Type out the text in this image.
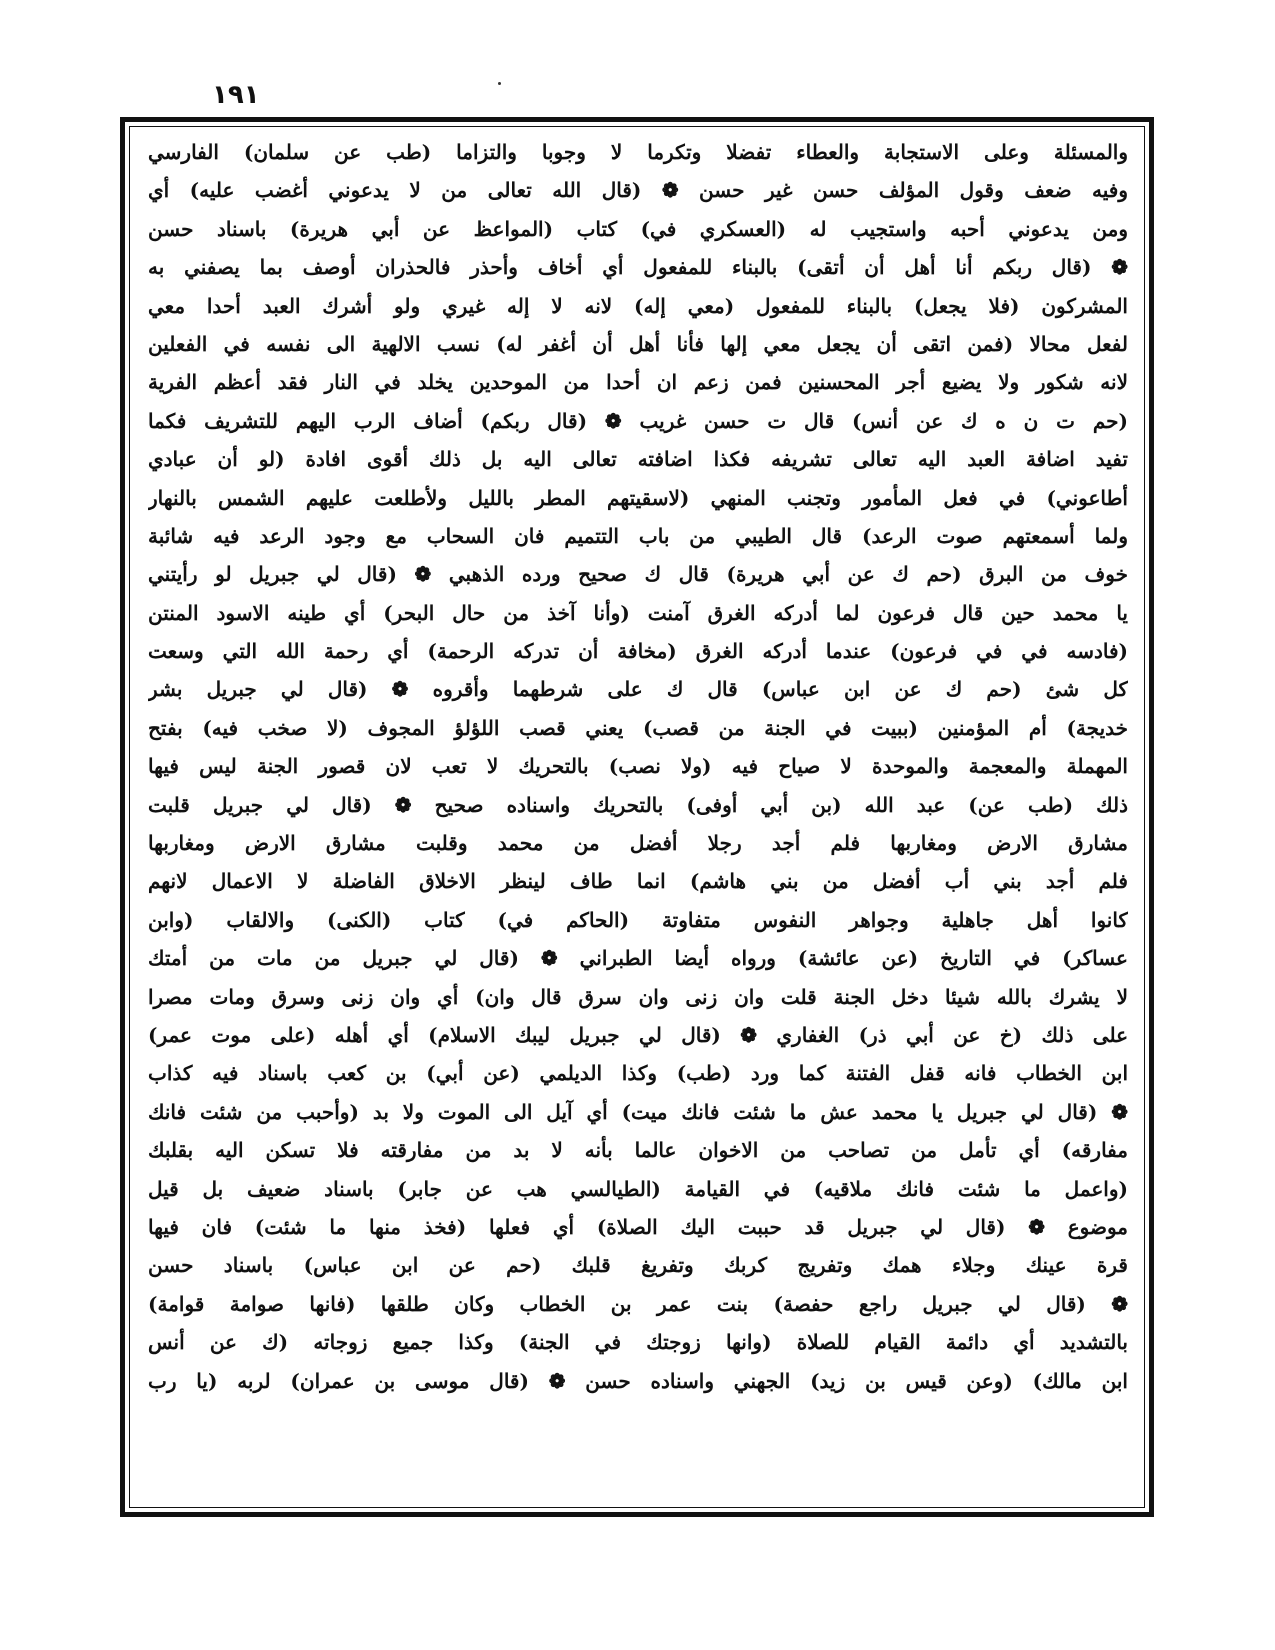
١٩١
والمسئلة وعلى الاستجابة والعطاء تفضلا وتكرما لا وجوبا والتزاما (طب عن سلمان) الفارسي
وفيه ضعف وقول المؤلف حسن غير حسن ❁ (قال الله تعالى من لا يدعوني أغضب عليه) أي
ومن يدعوني أحبه واستجيب له (العسكري في) كتاب (المواعظ عن أبي هريرة) باسناد حسن
❁ (قال ربكم أنا أهل أن أتقى) بالبناء للمفعول أي أخاف وأحذر فالحذران أوصف بما يصفني به
المشركون (فلا يجعل) بالبناء للمفعول (معي إله) لانه لا إله غيري ولو أشرك العبد أحدا معي
لفعل محالا (فمن اتقى أن يجعل معي إلها فأنا أهل أن أغفر له) نسب الالهية الى نفسه في الفعلين
لانه شكور ولا يضيع أجر المحسنين فمن زعم ان أحدا من الموحدين يخلد في النار فقد أعظم الفرية
(حم ت ن ه ك عن أنس) قال ت حسن غريب ❁ (قال ربكم) أضاف الرب اليهم للتشريف فكما
تفيد اضافة العبد اليه تعالى تشريفه فكذا اضافته تعالى اليه بل ذلك أقوى افادة (لو أن عبادي
أطاعوني) في فعل المأمور وتجنب المنهي (لاسقيتهم المطر بالليل ولأطلعت عليهم الشمس بالنهار
ولما أسمعتهم صوت الرعد) قال الطيبي من باب التتميم فان السحاب مع وجود الرعد فيه شائبة
خوف من البرق (حم ك عن أبي هريرة) قال ك صحيح ورده الذهبي ❁ (قال لي جبريل لو رأيتني
يا محمد حين قال فرعون لما أدركه الغرق آمنت (وأنا آخذ من حال البحر) أي طينه الاسود المنتن
(فادسه في في فرعون) عندما أدركه الغرق (مخافة أن تدركه الرحمة) أي رحمة الله التي وسعت
كل شئ (حم ك عن ابن عباس) قال ك على شرطهما وأقروه ❁ (قال لي جبريل بشر
خديجة) أم المؤمنين (ببيت في الجنة من قصب) يعني قصب اللؤلؤ المجوف (لا صخب فيه) بفتح
المهملة والمعجمة والموحدة لا صياح فيه (ولا نصب) بالتحريك لا تعب لان قصور الجنة ليس فيها
ذلك (طب عن) عبد الله (بن أبي أوفى) بالتحريك واسناده صحيح ❁ (قال لي جبريل قلبت
مشارق الارض ومغاربها فلم أجد رجلا أفضل من محمد وقلبت مشارق الارض ومغاربها
فلم أجد بني أب أفضل من بني هاشم) انما طاف لينظر الاخلاق الفاضلة لا الاعمال لانهم
كانوا أهل جاهلية وجواهر النفوس متفاوتة (الحاكم في) كتاب (الكنى) والالقاب (وابن
عساكر) في التاريخ (عن عائشة) ورواه أيضا الطبراني ❁ (قال لي جبريل من مات من أمتك
لا يشرك بالله شيئا دخل الجنة قلت وان زنى وان سرق قال وان) أي وان زنى وسرق ومات مصرا
على ذلك (خ عن أبي ذر) الغفاري ❁ (قال لي جبريل ليبك الاسلام) أي أهله (على موت عمر)
ابن الخطاب فانه قفل الفتنة كما ورد (طب) وكذا الديلمي (عن أبي) بن كعب باسناد فيه كذاب
❁ (قال لي جبريل يا محمد عش ما شئت فانك ميت) أي آيل الى الموت ولا بد (وأحبب من شئت فانك
مفارقه) أي تأمل من تصاحب من الاخوان عالما بأنه لا بد من مفارقته فلا تسكن اليه بقلبك
(واعمل ما شئت فانك ملاقيه) في القيامة (الطيالسي هب عن جابر) باسناد ضعيف بل قيل
موضوع ❁ (قال لي جبريل قد حببت اليك الصلاة) أي فعلها (فخذ منها ما شئت) فان فيها
قرة عينك وجلاء همك وتفريج كربك وتفريغ قلبك (حم عن ابن عباس) باسناد حسن
❁ (قال لي جبريل راجع حفصة) بنت عمر بن الخطاب وكان طلقها (فانها صوامة قوامة)
بالتشديد أي دائمة القيام للصلاة (وانها زوجتك في الجنة) وكذا جميع زوجاته (ك عن أنس
ابن مالك) (وعن قيس بن زيد) الجهني واسناده حسن ❁ (قال موسى بن عمران) لربه (يا رب
